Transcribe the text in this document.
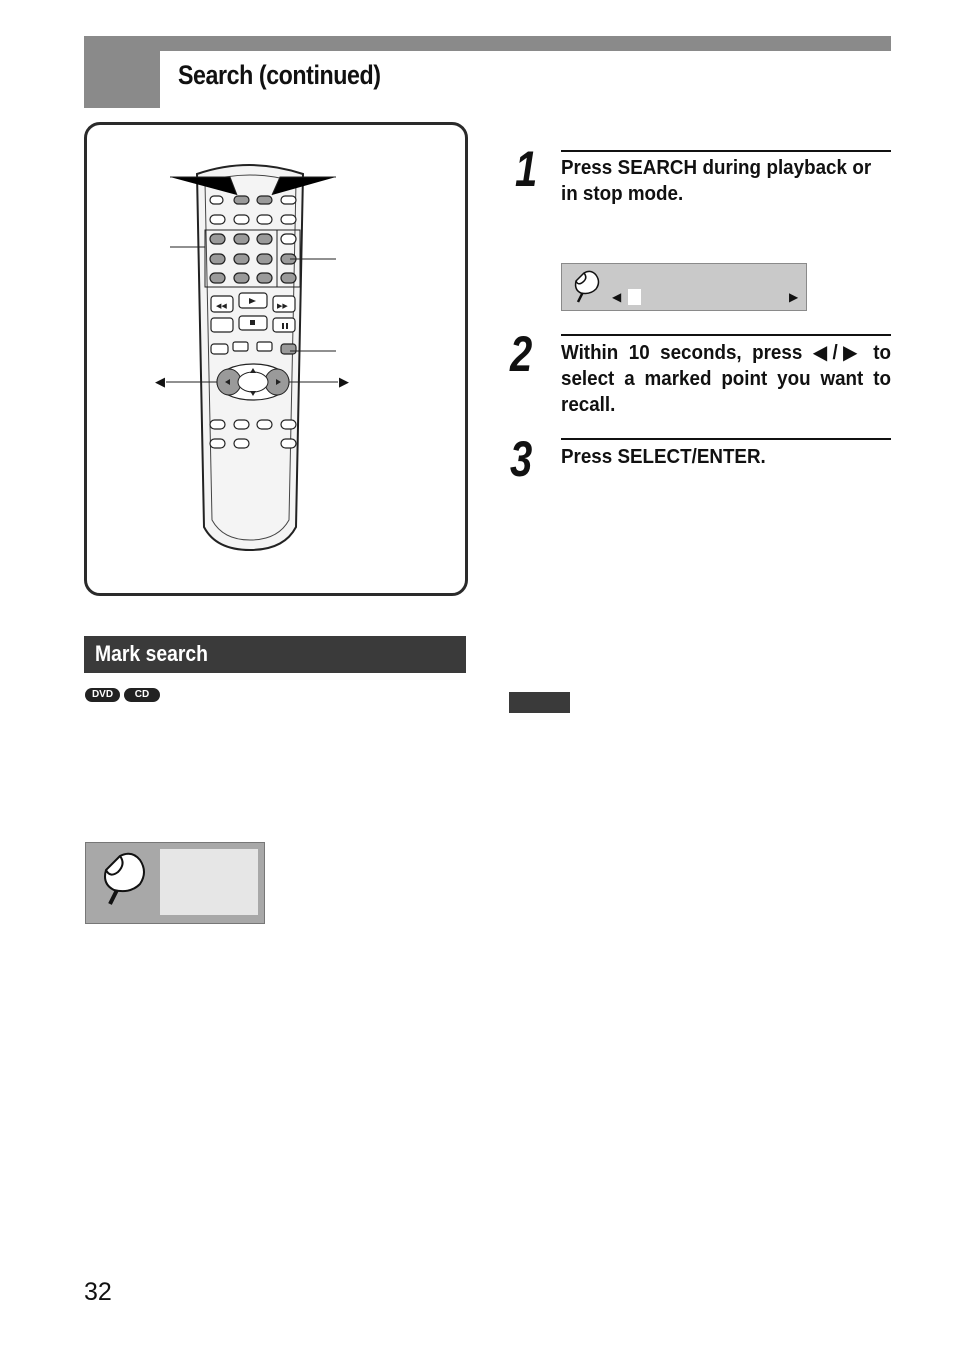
Search (continued)
◀◀	▶▶
◀	▶
Mark search
DVD	CD
1 Press SEARCH during playback or in stop mode.
◀	▶
2 Within 10 seconds, press ◀/▶ to select a marked point you want to recall.
3 Press SELECT/ENTER.
32
